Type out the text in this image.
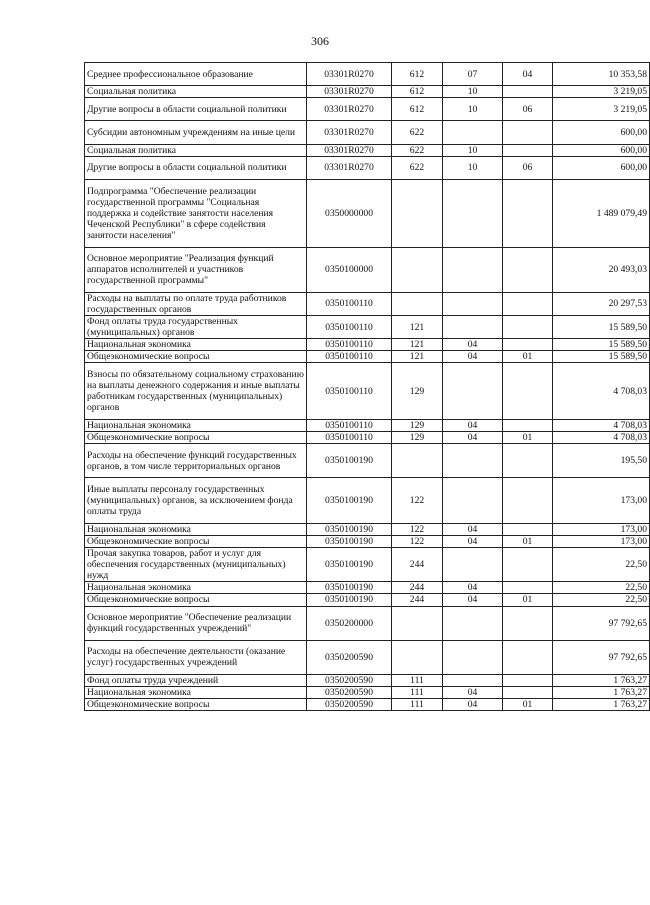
306
Среднее профессиональное образование	03301R0270	612	07	04	10 353,58
Социальная политика	03301R0270	612	10		3 219,05
Другие вопросы в области социальной политики	03301R0270	612	10	06	3 219,05
Субсидии автономным учреждениям на иные цели	03301R0270	622			600,00
Социальная политика	03301R0270	622	10		600,00
Другие вопросы в области социальной политики	03301R0270	622	10	06	600,00
Подпрограмма "Обеспечение реализации государственной программы "Социальная поддержка и содействие занятости населения Чеченской Республики" в сфере содействия занятости населения"	0350000000				1 489 079,49
Основное мероприятие "Реализация функций аппаратов исполнителей и участников государственной программы"	0350100000				20 493,03
Расходы на выплаты по оплате труда работников государственных органов	0350100110				20 297,53
Фонд оплаты труда государственных (муниципальных) органов	0350100110	121			15 589,50
Национальная экономика	0350100110	121	04		15 589,50
Общеэкономические вопросы	0350100110	121	04	01	15 589,50
Взносы по обязательному социальному страхованию на выплаты денежного содержания и иные выплаты работникам государственных (муниципальных) органов	0350100110	129			4 708,03
Национальная экономика	0350100110	129	04		4 708,03
Общеэкономические вопросы	0350100110	129	04	01	4 708,03
Расходы на обеспечение функций государственных органов, в том числе территориальных органов	0350100190				195,50
Иные выплаты персоналу государственных (муниципальных) органов, за исключением фонда оплаты труда	0350100190	122			173,00
Национальная экономика	0350100190	122	04		173,00
Общеэкономические вопросы	0350100190	122	04	01	173,00
Прочая закупка товаров, работ и услуг для обеспечения государственных (муниципальных) нужд	0350100190	244			22,50
Национальная экономика	0350100190	244	04		22,50
Общеэкономические вопросы	0350100190	244	04	01	22,50
Основное мероприятие "Обеспечение реализации функций государственных учреждений"	0350200000				97 792,65
Расходы на обеспечение деятельности (оказание услуг) государственных учреждений	0350200590				97 792,65
Фонд оплаты труда учреждений	0350200590	111			1 763,27
Национальная экономика	0350200590	111	04		1 763,27
Общеэкономические вопросы	0350200590	111	04	01	1 763,27
